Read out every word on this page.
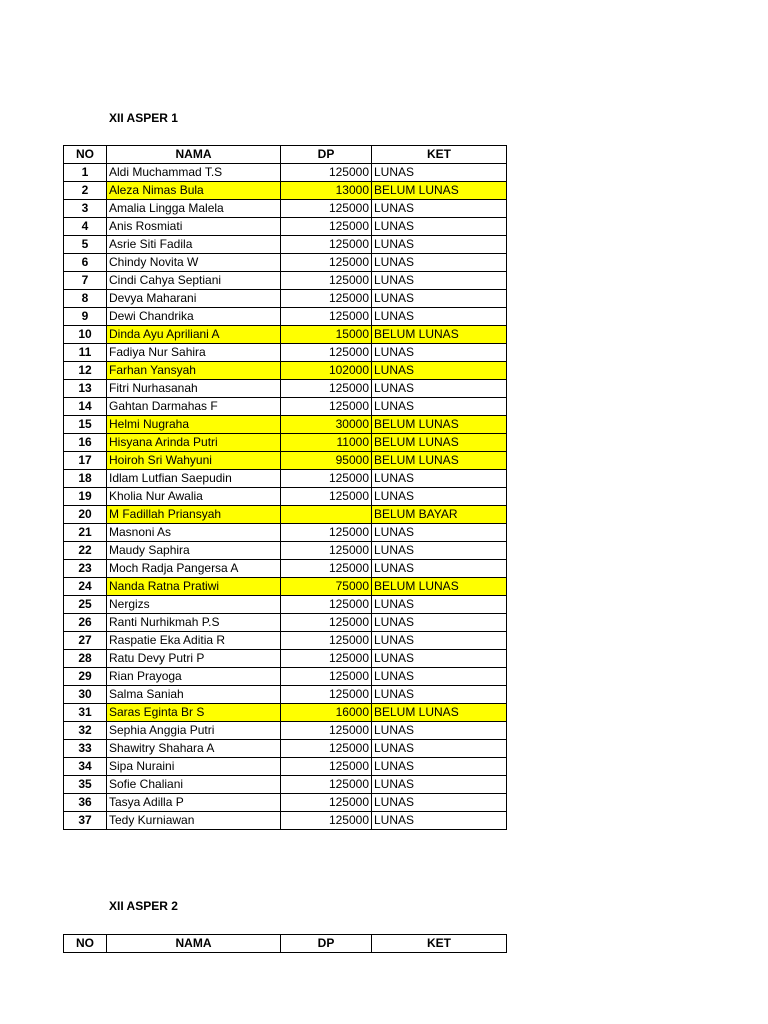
XII ASPER 1
NO	NAMA	DP	KET
1	Aldi Muchammad T.S	125000	LUNAS
2	Aleza Nimas Bula	13000	BELUM LUNAS
3	Amalia Lingga Malela	125000	LUNAS
4	Anis Rosmiati	125000	LUNAS
5	Asrie Siti Fadila	125000	LUNAS
6	Chindy Novita W	125000	LUNAS
7	Cindi Cahya Septiani	125000	LUNAS
8	Devya Maharani	125000	LUNAS
9	Dewi Chandrika	125000	LUNAS
10	Dinda Ayu Apriliani A	15000	BELUM LUNAS
11	Fadiya Nur Sahira	125000	LUNAS
12	Farhan Yansyah	102000	LUNAS
13	Fitri Nurhasanah	125000	LUNAS
14	Gahtan Darmahas F	125000	LUNAS
15	Helmi Nugraha	30000	BELUM LUNAS
16	Hisyana Arinda Putri	11000	BELUM LUNAS
17	Hoiroh Sri Wahyuni	95000	BELUM LUNAS
18	Idlam Lutfian Saepudin	125000	LUNAS
19	Kholia Nur Awalia	125000	LUNAS
20	M Fadillah Priansyah		BELUM BAYAR
21	Masnoni As	125000	LUNAS
22	Maudy Saphira	125000	LUNAS
23	Moch Radja Pangersa A	125000	LUNAS
24	Nanda Ratna Pratiwi	75000	BELUM LUNAS
25	Nergizs	125000	LUNAS
26	Ranti Nurhikmah P.S	125000	LUNAS
27	Raspatie Eka Aditia R	125000	LUNAS
28	Ratu Devy Putri P	125000	LUNAS
29	Rian Prayoga	125000	LUNAS
30	Salma Saniah	125000	LUNAS
31	Saras Eginta Br S	16000	BELUM LUNAS
32	Sephia Anggia Putri	125000	LUNAS
33	Shawitry Shahara A	125000	LUNAS
34	Sipa Nuraini	125000	LUNAS
35	Sofie Chaliani	125000	LUNAS
36	Tasya Adilla P	125000	LUNAS
37	Tedy Kurniawan	125000	LUNAS
XII ASPER 2
NO	NAMA	DP	KET
